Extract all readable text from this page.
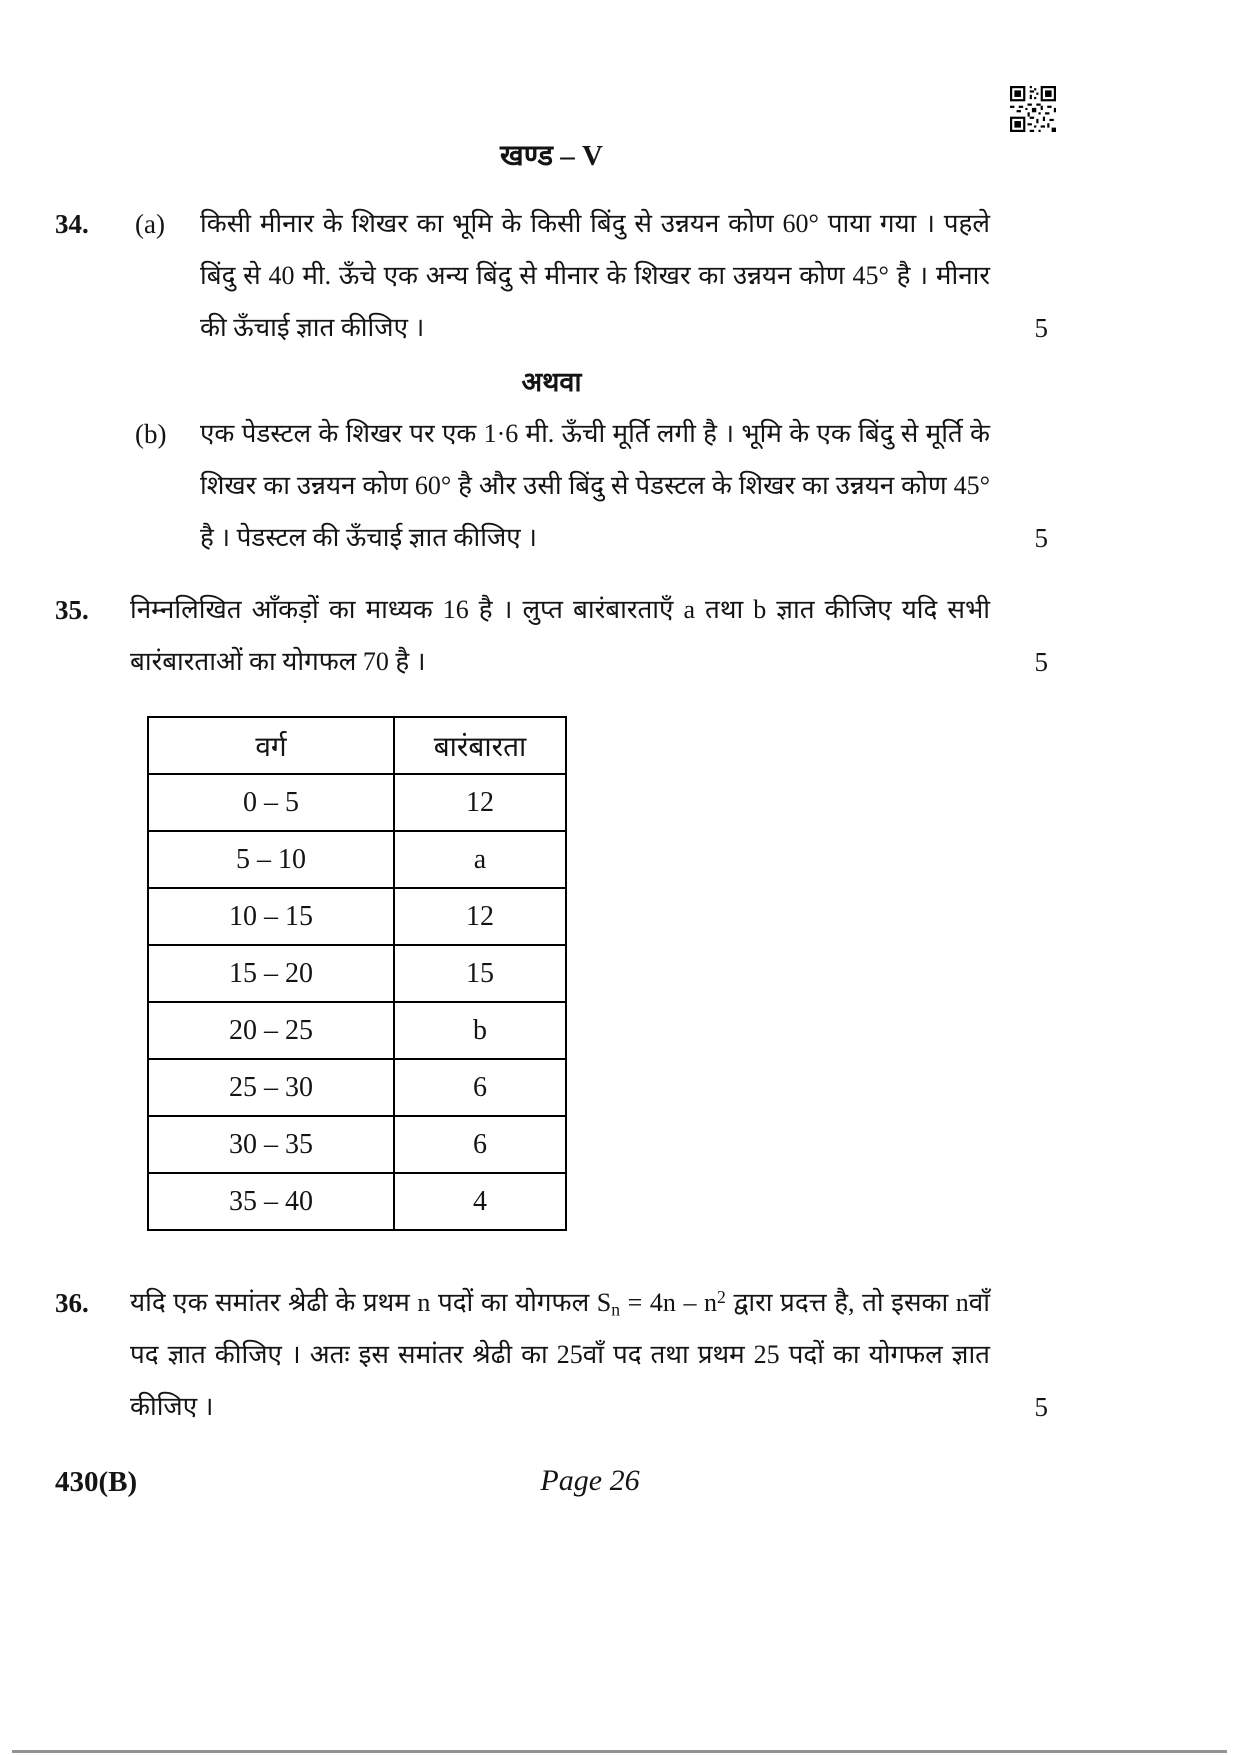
खण्ड – V
34.	(a)	किसी मीनार के शिखर का भूमि के किसी बिंदु से उन्नयन कोण 60° पाया गया । पहले बिंदु से 40 मी. ऊँचे एक अन्य बिंदु से मीनार के शिखर का उन्नयन कोण 45° है । मीनार की ऊँचाई ज्ञात कीजिए ।	5
अथवा
(b)	एक पेडस्टल के शिखर पर एक 1·6 मी. ऊँची मूर्ति लगी है । भूमि के एक बिंदु से मूर्ति के शिखर का उन्नयन कोण 60° है और उसी बिंदु से पेडस्टल के शिखर का उन्नयन कोण 45° है । पेडस्टल की ऊँचाई ज्ञात कीजिए ।	5
35.	निम्नलिखित आँकड़ों का माध्यक 16 है । लुप्त बारंबारताएँ a तथा b ज्ञात कीजिए यदि सभी बारंबारताओं का योगफल 70 है ।	5
वर्ग	बारंबारता
0 – 5	12
5 – 10	a
10 – 15	12
15 – 20	15
20 – 25	b
25 – 30	6
30 – 35	6
35 – 40	4
36.	यदि एक समांतर श्रेढी के प्रथम n पदों का योगफल $S_n = 4n - n^2$ द्वारा प्रदत्त है, तो इसका nवाँ पद ज्ञात कीजिए । अतः इस समांतर श्रेढी का 25वाँ पद तथा प्रथम 25 पदों का योगफल ज्ञात कीजिए ।	5
430(B)	Page 26
